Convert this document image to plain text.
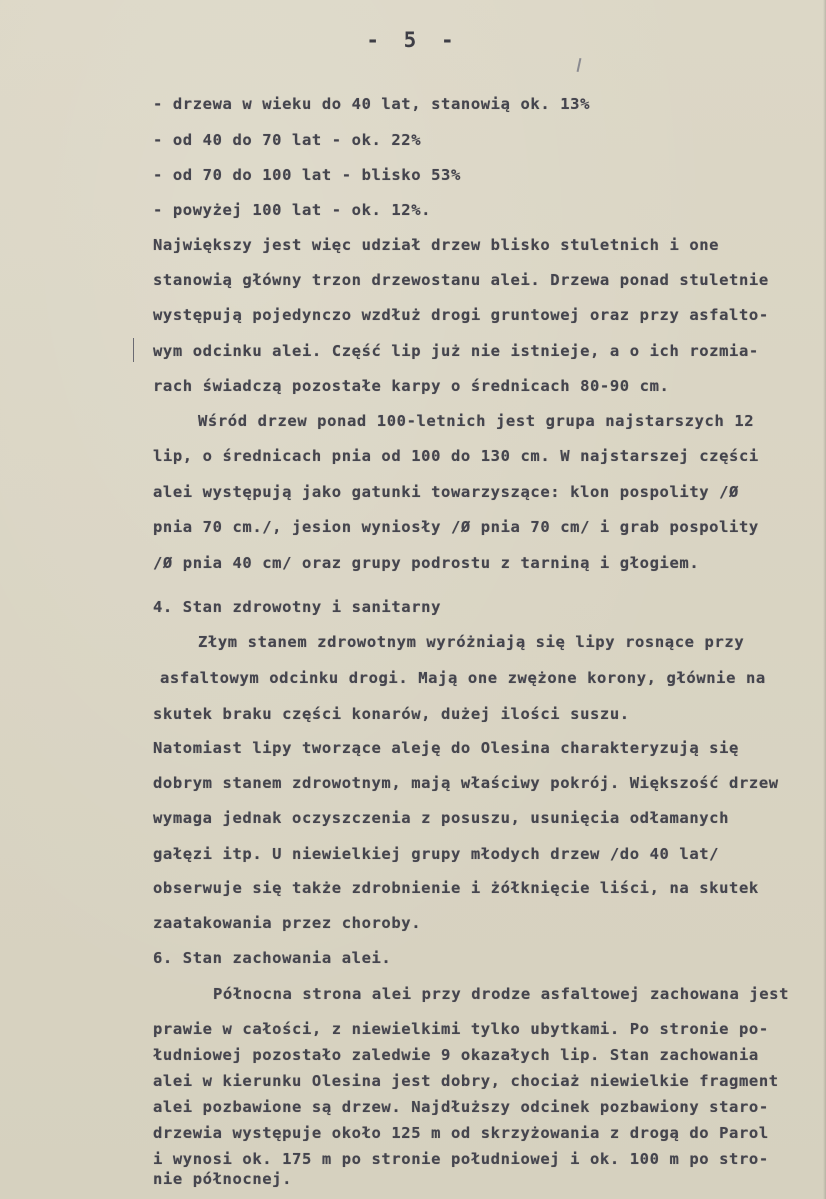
- 5 -
- drzewa w wieku do 40 lat, stanowią ok. 13%
- od 40 do 70 lat - ok. 22%
- od 70 do 100 lat - blisko 53%
- powyżej 100 lat - ok. 12%.
Największy jest więc udział drzew blisko stuletnich i one
stanowią główny trzon drzewostanu alei. Drzewa ponad stuletnie
występują pojedynczo wzdłuż drogi gruntowej oraz przy asfalto-
wym odcinku alei. Część lip już nie istnieje, a o ich rozmia-
rach świadczą pozostałe karpy o średnicach 80-90 cm.
Wśród drzew ponad 100-letnich jest grupa najstarszych 12
lip, o średnicach pnia od 100 do 130 cm. W najstarszej części
alei występują jako gatunki towarzyszące: klon pospolity /Ø
pnia 70 cm./, jesion wyniosły /Ø pnia 70 cm/ i grab pospolity
/Ø pnia 40 cm/ oraz grupy podrostu z tarniną i głogiem.
4. Stan zdrowotny i sanitarny
Złym stanem zdrowotnym wyróżniają się lipy rosnące przy
asfaltowym odcinku drogi. Mają one zwężone korony, głównie na
skutek braku części konarów, dużej ilości suszu.
Natomiast lipy tworzące aleję do Olesina charakteryzują się
dobrym stanem zdrowotnym, mają właściwy pokrój. Większość drzew
wymaga jednak oczyszczenia z posuszu, usunięcia odłamanych
gałęzi itp. U niewielkiej grupy młodych drzew /do 40 lat/
obserwuje się także zdrobnienie i żółknięcie liści, na skutek
zaatakowania przez choroby.
6. Stan zachowania alei.
Północna strona alei przy drodze asfaltowej zachowana jest
prawie w całości, z niewielkimi tylko ubytkami. Po stronie po-
łudniowej pozostało zaledwie 9 okazałych lip. Stan zachowania
alei w kierunku Olesina jest dobry, chociaż niewielkie fragment
alei pozbawione są drzew. Najdłuższy odcinek pozbawiony staro-
drzewia występuje około 125 m od skrzyżowania z drogą do Parol
i wynosi ok. 175 m po stronie południowej i ok. 100 m po stro-
nie północnej.
